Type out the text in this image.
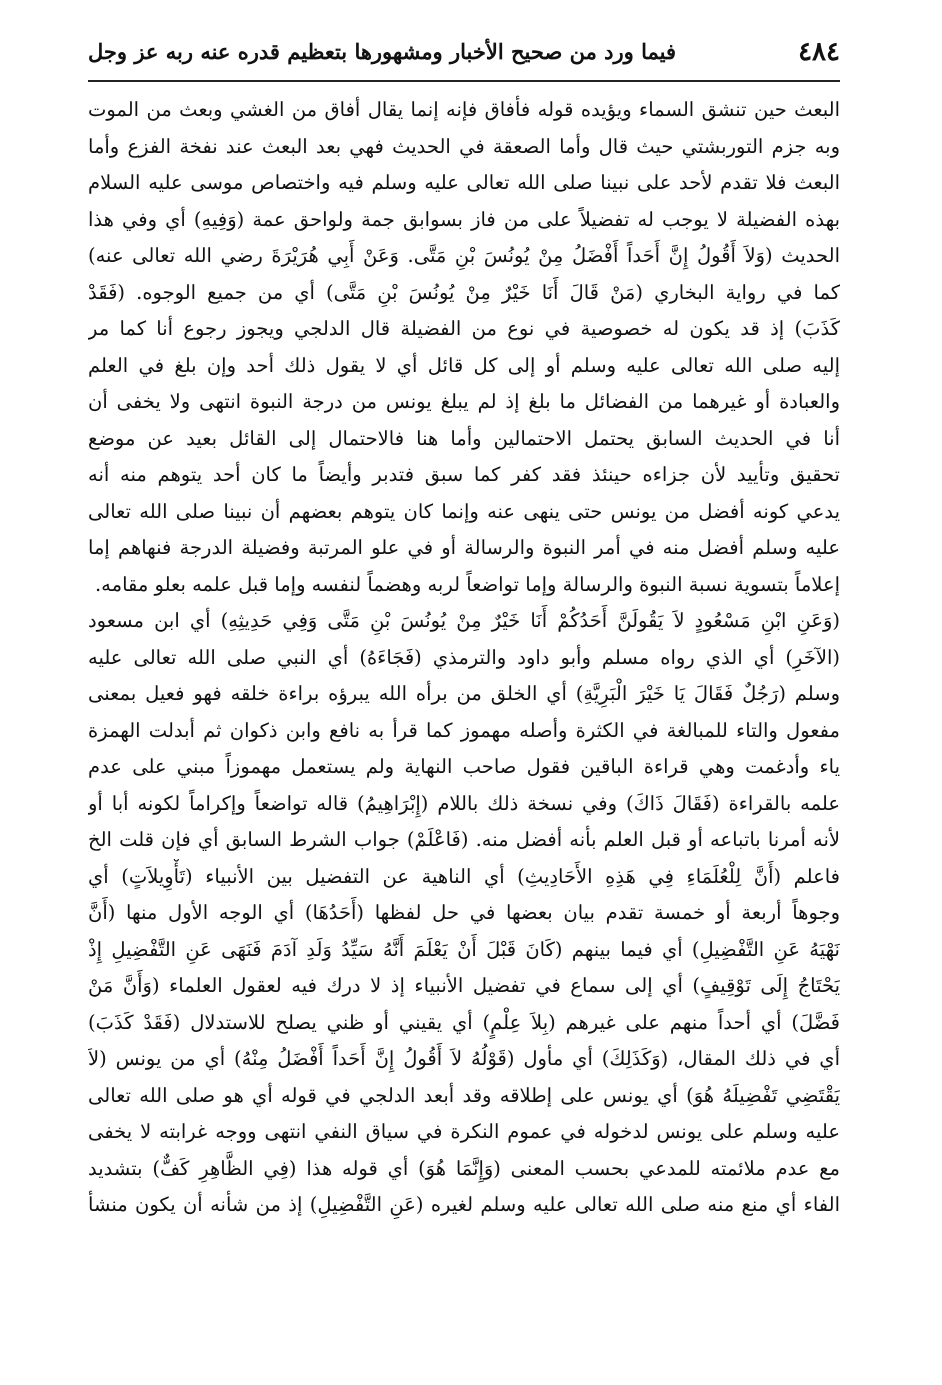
٤٨٤
فيما ورد من صحيح الأخبار ومشهورها بتعظيم قدره عنه ربه عز وجل
البعث حين تنشق السماء ويؤيده قوله فأفاق فإنه إنما يقال أفاق من الغشي وبعث من الموت
وبه جزم التوربشتي حيث قال وأما الصعقة في الحديث فهي بعد البعث عند نفخة الفزع وأما
البعث فلا تقدم لأحد على نبينا صلى الله تعالى عليه وسلم فيه واختصاص موسى عليه السلام
بهذه الفضيلة لا يوجب له تفضيلاً على من فاز بسوابق جمة ولواحق عمة (وَفِيهِ) أي وفي هذا
الحديث (وَلاَ أَقُولُ إِنَّ أَحَداً أَفْضَلُ مِنْ يُونُسَ بْنِ مَتَّى. وَعَنْ أَبِي هُرَيْرَةَ رضي الله تعالى عنه)
كما في رواية البخاري (مَنْ قَالَ أَنَا خَيْرٌ مِنْ يُونُسَ بْنِ مَتَّى) أي من جميع الوجوه. (فَقَدْ
كَذَبَ) إذ قد يكون له خصوصية في نوع من الفضيلة قال الدلجي ويجوز رجوع أنا كما مر
إليه صلى الله تعالى عليه وسلم أو إلى كل قائل أي لا يقول ذلك أحد وإن بلغ في العلم
والعبادة أو غيرهما من الفضائل ما بلغ إذ لم يبلغ يونس من درجة النبوة انتهى ولا يخفى أن
أنا في الحديث السابق يحتمل الاحتمالين وأما هنا فالاحتمال إلى القائل بعيد عن موضع
تحقيق وتأييد لأن جزاءه حينئذ فقد كفر كما سبق فتدبر وأيضاً ما كان أحد يتوهم منه أنه
يدعي كونه أفضل من يونس حتى ينهى عنه وإنما كان يتوهم بعضهم أن نبينا صلى الله تعالى
عليه وسلم أفضل منه في أمر النبوة والرسالة أو في علو المرتبة وفضيلة الدرجة فنهاهم إما
إعلاماً بتسوية نسبة النبوة والرسالة وإما تواضعاً لربه وهضماً لنفسه وإما قبل علمه بعلو مقامه.
(وَعَنِ ابْنِ مَسْعُودٍ لاَ يَقُولَنَّ أَحَدُكُمْ أَنَا خَيْرٌ مِنْ يُونُسَ بْنِ مَتَّى وَفِي حَدِيثِهِ) أي ابن مسعود
(الآخَرِ) أي الذي رواه مسلم وأبو داود والترمذي (فَجَاءَهُ) أي النبي صلى الله تعالى عليه
وسلم (رَجُلٌ فَقَالَ يَا خَيْرَ الْبَرِيَّةِ) أي الخلق من برأه الله يبرؤه براءة خلقه فهو فعيل بمعنى
مفعول والتاء للمبالغة في الكثرة وأصله مهموز كما قرأ به نافع وابن ذكوان ثم أبدلت الهمزة
ياء وأدغمت وهي قراءة الباقين فقول صاحب النهاية ولم يستعمل مهموزاً مبني على عدم
علمه بالقراءة (فَقَالَ ذَاكَ) وفي نسخة ذلك باللام (إِبْرَاهِيمُ) قاله تواضعاً وإكراماً لكونه أبا أو
لأنه أمرنا باتباعه أو قبل العلم بأنه أفضل منه. (فَاعْلَمْ) جواب الشرط السابق أي فإن قلت الخ
فاعلم (أَنَّ لِلْعُلَمَاءِ فِي هَذِهِ الأَحَادِيثِ) أي الناهية عن التفضيل بين الأنبياء (تَأْوِيلاَتٍ) أي
وجوهاً أربعة أو خمسة تقدم بيان بعضها في حل لفظها (أَحَدُهَا) أي الوجه الأول منها (أَنَّ
نَهْيَهُ عَنِ التَّفْضِيلِ) أي فيما بينهم (كَانَ قَبْلَ أَنْ يَعْلَمَ أَنَّهُ سَيِّدُ وَلَدِ آدَمَ فَنَهَى عَنِ التَّفْضِيلِ إِذْ
يَحْتَاجُ إِلَى تَوْقِيفٍ) أي إلى سماع في تفضيل الأنبياء إذ لا درك فيه لعقول العلماء (وَأَنَّ مَنْ
فَضَّلَ) أي أحداً منهم على غيرهم (بِلاَ عِلْمٍ) أي يقيني أو ظني يصلح للاستدلال (فَقَدْ كَذَبَ)
أي في ذلك المقال، (وَكَذَلِكَ) أي مأول (قَوْلُهُ لاَ أَقُولُ إِنَّ أَحَداً أَفْضَلُ مِنْهُ) أي من يونس (لاَ
يَقْتَضِي تَفْضِيلَهُ هُوَ) أي يونس على إطلاقه وقد أبعد الدلجي في قوله أي هو صلى الله تعالى
عليه وسلم على يونس لدخوله في عموم النكرة في سياق النفي انتهى ووجه غرابته لا يخفى
مع عدم ملائمته للمدعي بحسب المعنى (وَإِنَّمَا هُوَ) أي قوله هذا (فِي الظَّاهِرِ كَفٌّ) بتشديد
الفاء أي منع منه صلى الله تعالى عليه وسلم لغيره (عَنِ التَّفْضِيلِ) إذ من شأنه أن يكون منشأ
